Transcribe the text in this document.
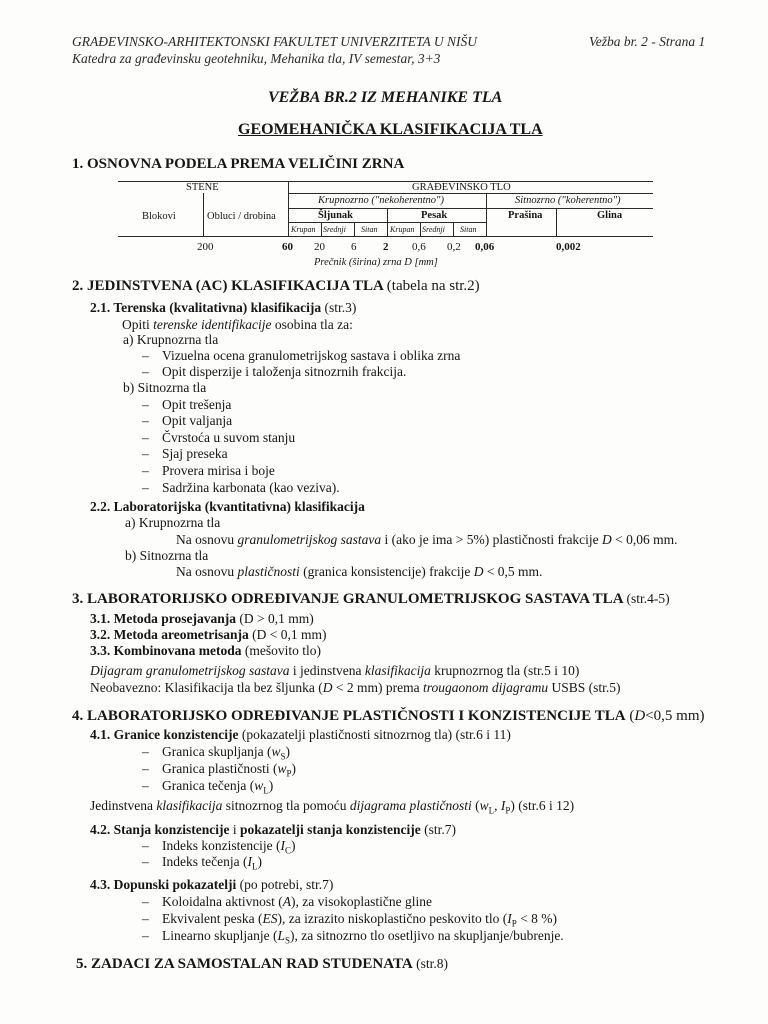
GRAĐEVINSKO-ARHITEKTONSKI FAKULTET UNIVERZITETA U NIŠU
Katedra za građevinsku geotehniku, Mehanika tla, IV semestar, 3+3
Vežba br. 2 - Strana 1
VEŽBA BR.2 IZ MEHANIKE TLA
GEOMEHANIČKA KLASIFIKACIJA TLA
1. OSNOVNA PODELA PREMA VELIČINI ZRNA
STENE	GRAĐEVINSKO TLO
Krupnozrno ("nekoherentno")	Sitnozrno ("koherentno")
Blokovi	Obluci / drobina	Šljunak	Pesak	Prašina	Glina
Krupan Srednji Sitan Krupan Srednji Sitan
200	60 20 6 2 0,6 0,2 0,06	0,002
Prečnik (širina) zrna D [mm]
2. JEDINSTVENA (AC) KLASIFIKACIJA TLA (tabela na str.2)
2.1. Terenska (kvalitativna) klasifikacija (str.3)
Opiti terenske identifikacije osobina tla za:
a) Krupnozrna tla
– Vizuelna ocena granulometrijskog sastava i oblika zrna
– Opit disperzije i taloženja sitnozrnih frakcija.
b) Sitnozrna tla
– Opit trešenja
– Opit valjanja
– Čvrstoća u suvom stanju
– Sjaj preseka
– Provera mirisa i boje
– Sadržina karbonata (kao veziva).
2.2. Laboratorijska (kvantitativna) klasifikacija
a) Krupnozrna tla
Na osnovu granulometrijskog sastava i (ako je ima > 5%) plastičnosti frakcije D < 0,06 mm.
b) Sitnozrna tla
Na osnovu plastičnosti (granica konsistencije) frakcije D < 0,5 mm.
3. LABORATORIJSKO ODREĐIVANJE GRANULOMETRIJSKOG SASTAVA TLA (str.4-5)
3.1. Metoda prosejavanja (D > 0,1 mm)
3.2. Metoda areometrisanja (D < 0,1 mm)
3.3. Kombinovana metoda (mešovito tlo)
Dijagram granulometrijskog sastava i jedinstvena klasifikacija krupnozrnog tla (str.5 i 10)
Neobavezno: Klasifikacija tla bez šljunka (D < 2 mm) prema trougaonom dijagramu USBS (str.5)
4. LABORATORIJSKO ODREĐIVANJE PLASTIČNOSTI I KONZISTENCIJE TLA (D<0,5 mm)
4.1. Granice konzistencije (pokazatelji plastičnosti sitnozrnog tla) (str.6 i 11)
– Granica skupljanja $(w_S)$
– Granica plastičnosti $(w_P)$
– Granica tečenja $(w_L)$
Jedinstvena klasifikacija sitnozrnog tla pomoću dijagrama plastičnosti ($w_L$, $I_P$) (str.6 i 12)
4.2. Stanja konzistencije i pokazatelji stanja konzistencije (str.7)
– Indeks konzistencije $(I_C)$
– Indeks tečenja $(I_L)$
4.3. Dopunski pokazatelji (po potrebi, str.7)
– Koloidalna aktivnost (A), za visokoplastične gline
– Ekvivalent peska (ES), za izrazito niskoplastično peskovito tlo ($I_P < 8$ %)
– Linearno skupljanje $(L_S)$, za sitnozrno tlo osetljivo na skupljanje/bubrenje.
5. ZADACI ZA SAMOSTALAN RAD STUDENATA (str.8)
